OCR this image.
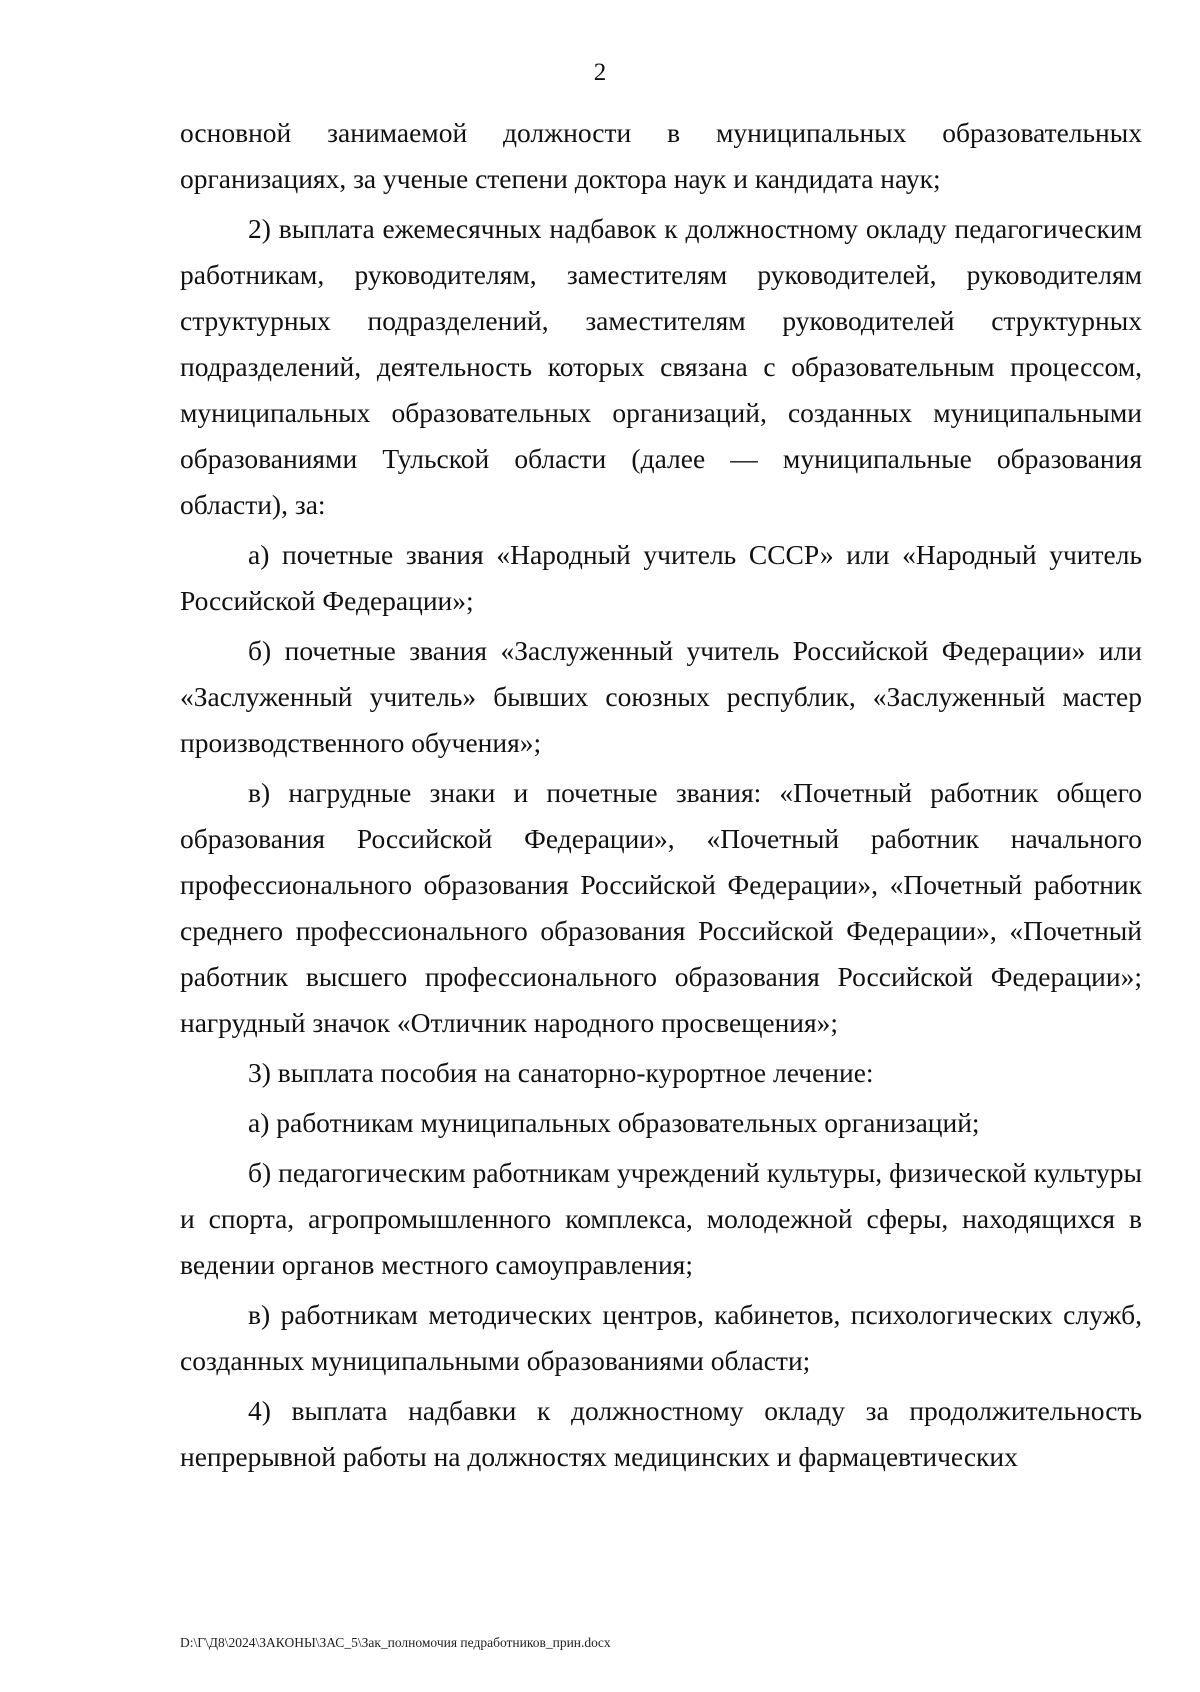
2

основной занимаемой должности в муниципальных образовательных организациях, за ученые степени доктора наук и кандидата наук;

2) выплата ежемесячных надбавок к должностному окладу педагогическим работникам, руководителям, заместителям руководителей, руководителям структурных подразделений, заместителям руководителей структурных подразделений, деятельность которых связана с образовательным процессом, муниципальных образовательных организаций, созданных муниципальными образованиями Тульской области (далее — муниципальные образования области), за:

а) почетные звания «Народный учитель СССР» или «Народный учитель Российской Федерации»;

б) почетные звания «Заслуженный учитель Российской Федерации» или «Заслуженный учитель» бывших союзных республик, «Заслуженный мастер производственного обучения»;

в) нагрудные знаки и почетные звания: «Почетный работник общего образования Российской Федерации», «Почетный работник начального профессионального образования Российской Федерации», «Почетный работник среднего профессионального образования Российской Федерации», «Почетный работник высшего профессионального образования Российской Федерации»; нагрудный значок «Отличник народного просвещения»;

3) выплата пособия на санаторно-курортное лечение:

а) работникам муниципальных образовательных организаций;

б) педагогическим работникам учреждений культуры, физической культуры и спорта, агропромышленного комплекса, молодежной сферы, находящихся в ведении органов местного самоуправления;

в) работникам методических центров, кабинетов, психологических служб, созданных муниципальными образованиями области;

4) выплата надбавки к должностному окладу за продолжительность непрерывной работы на должностях медицинских и фармацевтических

D:\Г\Д8\2024\ЗАКОНЫ\ЗАС_5\Зак_полномочия педработников_прин.docx
